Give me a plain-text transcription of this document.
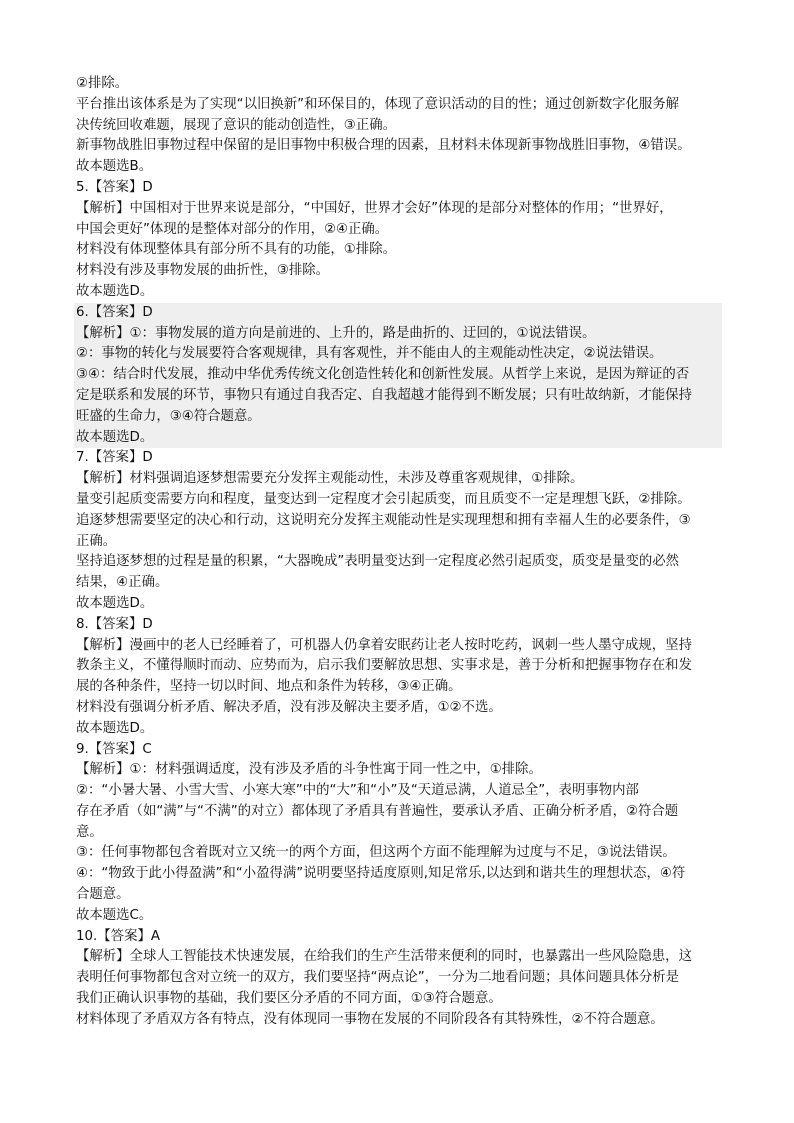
②排除。
平台推出该体系是为了实现“以旧换新”和环保目的，体现了意识活动的目的性；通过创新数字化服务解
决传统回收难题，展现了意识的能动创造性，③正确。
新事物战胜旧事物过程中保留的是旧事物中积极合理的因素，且材料未体现新事物战胜旧事物，④错误。
故本题选B。
5.【答案】D
【解析】中国相对于世界来说是部分，“中国好，世界才会好”体现的是部分对整体的作用；“世界好，
中国会更好”体现的是整体对部分的作用，②④正确。
材料没有体现整体具有部分所不具有的功能，①排除。
材料没有涉及事物发展的曲折性，③排除。
故本题选D。
6.【答案】D
【解析】①：事物发展的道方向是前进的、上升的，路是曲折的、迂回的，①说法错误。
②：事物的转化与发展要符合客观规律，具有客观性，并不能由人的主观能动性决定，②说法错误。
③④：结合时代发展，推动中华优秀传统文化创造性转化和创新性发展。从哲学上来说，是因为辩证的否
定是联系和发展的环节，事物只有通过自我否定、自我超越才能得到不断发展；只有吐故纳新，才能保持
旺盛的生命力，③④符合题意。
故本题选D。
7.【答案】D
【解析】材料强调追逐梦想需要充分发挥主观能动性，未涉及尊重客观规律，①排除。
量变引起质变需要方向和程度，量变达到一定程度才会引起质变，而且质变不一定是理想飞跃，②排除。
追逐梦想需要坚定的决心和行动，这说明充分发挥主观能动性是实现理想和拥有幸福人生的必要条件，③
正确。
坚持追逐梦想的过程是量的积累，“大器晚成”表明量变达到一定程度必然引起质变，质变是量变的必然
结果，④正确。
故本题选D。
8.【答案】D
【解析】漫画中的老人已经睡着了，可机器人仍拿着安眠药让老人按时吃药，讽刺一些人墨守成规，坚持
教条主义，不懂得顺时而动、应势而为，启示我们要解放思想、实事求是，善于分析和把握事物存在和发
展的各种条件，坚持一切以时间、地点和条件为转移，③④正确。
材料没有强调分析矛盾、解决矛盾，没有涉及解决主要矛盾，①②不选。
故本题选D。
9.【答案】C
【解析】①：材料强调适度，没有涉及矛盾的斗争性寓于同一性之中，①排除。
②：“小暑大暑、小雪大雪、小寒大寒”中的“大”和“小”及“天道忌满，人道忌全”，表明事物内部
存在矛盾（如“满”与“不满”的对立）都体现了矛盾具有普遍性，要承认矛盾、正确分析矛盾，②符合题
意。
③：任何事物都包含着既对立又统一的两个方面，但这两个方面不能理解为过度与不足，③说法错误。
④：“物致于此小得盈满”和“小盈得满”说明要坚持适度原则,知足常乐,以达到和谐共生的理想状态，④符
合题意。
故本题选C。
10.【答案】A
【解析】全球人工智能技术快速发展，在给我们的生产生活带来便利的同时，也暴露出一些风险隐患，这
表明任何事物都包含对立统一的双方，我们要坚持“两点论”，一分为二地看问题；具体问题具体分析是
我们正确认识事物的基础，我们要区分矛盾的不同方面，①③符合题意。
材料体现了矛盾双方各有特点，没有体现同一事物在发展的不同阶段各有其特殊性，②不符合题意。
